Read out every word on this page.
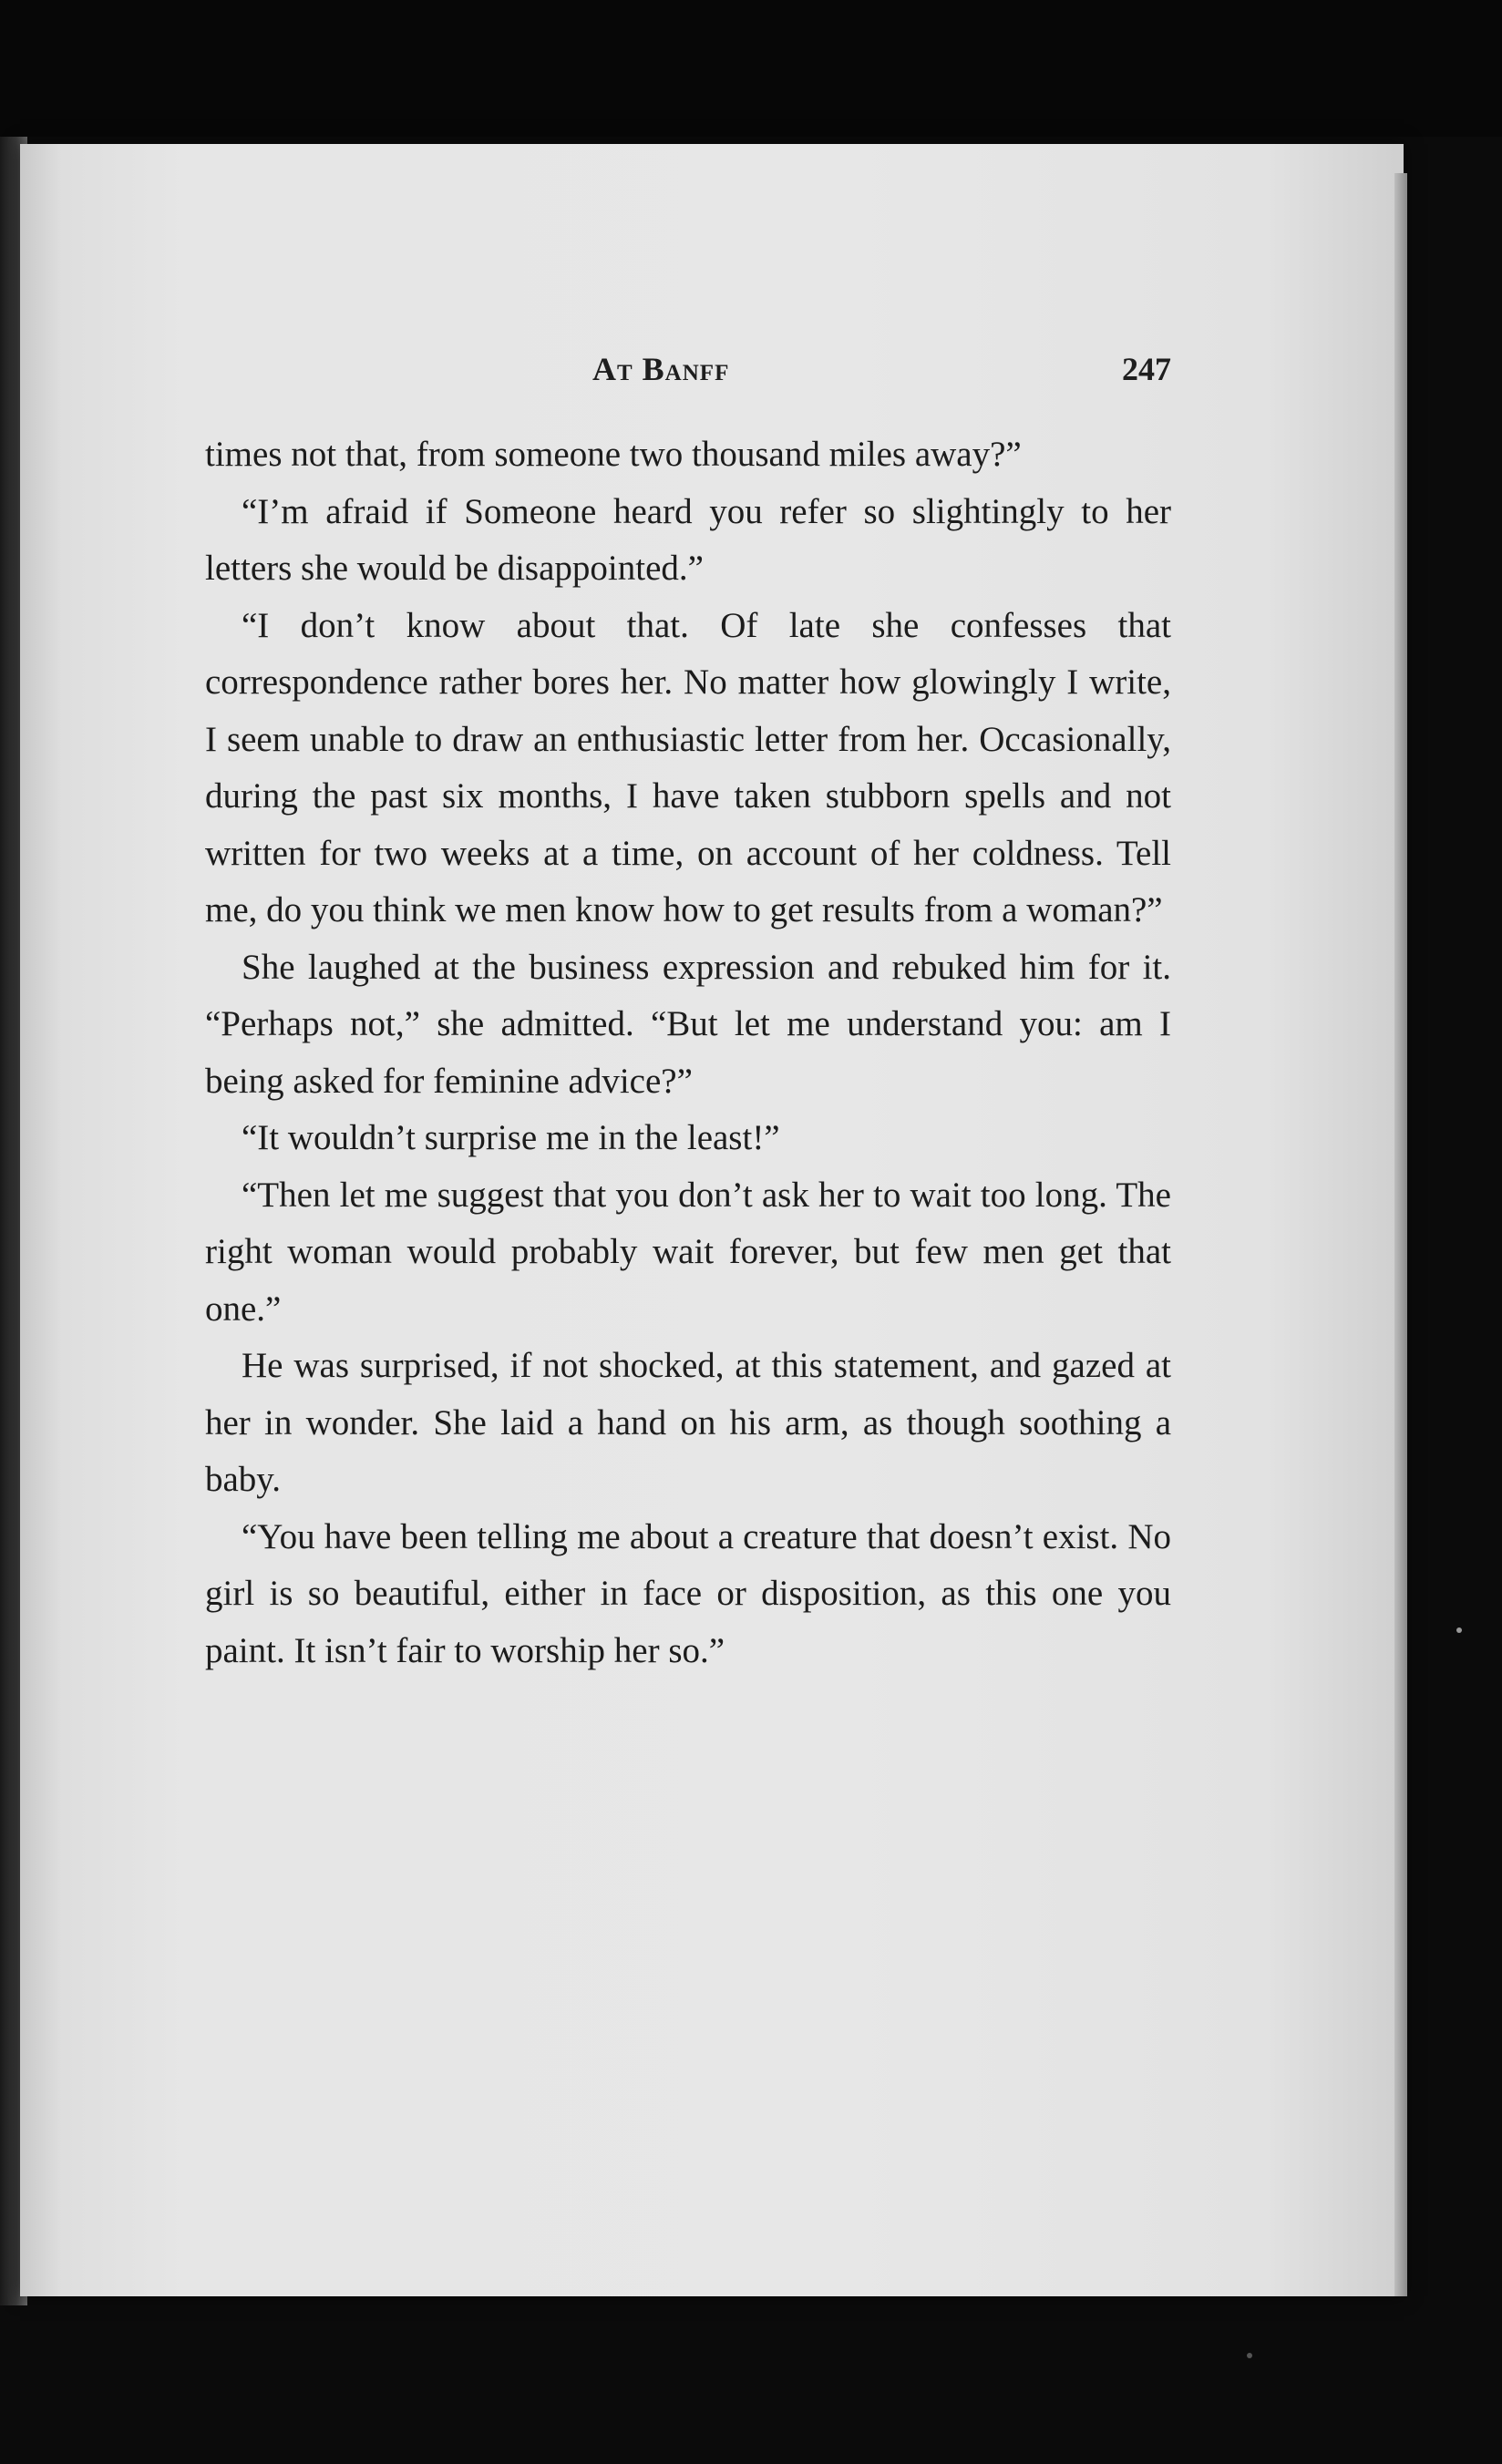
At Banff	247

times not that, from someone two thousand miles away?”

“I’m afraid if Someone heard you refer so slightingly to her letters she would be disappointed.”

“I don’t know about that. Of late she confesses that correspondence rather bores her. No matter how glowingly I write, I seem unable to draw an enthusiastic letter from her. Occasionally, during the past six months, I have taken stubborn spells and not written for two weeks at a time, on account of her coldness. Tell me, do you think we men know how to get results from a woman?”

She laughed at the business expression and rebuked him for it. “Perhaps not,” she admitted. “But let me understand you: am I being asked for feminine advice?”

“It wouldn’t surprise me in the least!”

“Then let me suggest that you don’t ask her to wait too long. The right woman would probably wait forever, but few men get that one.”

He was surprised, if not shocked, at this statement, and gazed at her in wonder. She laid a hand on his arm, as though soothing a baby.

“You have been telling me about a creature that doesn’t exist. No girl is so beautiful, either in face or disposition, as this one you paint. It isn’t fair to worship her so.”
